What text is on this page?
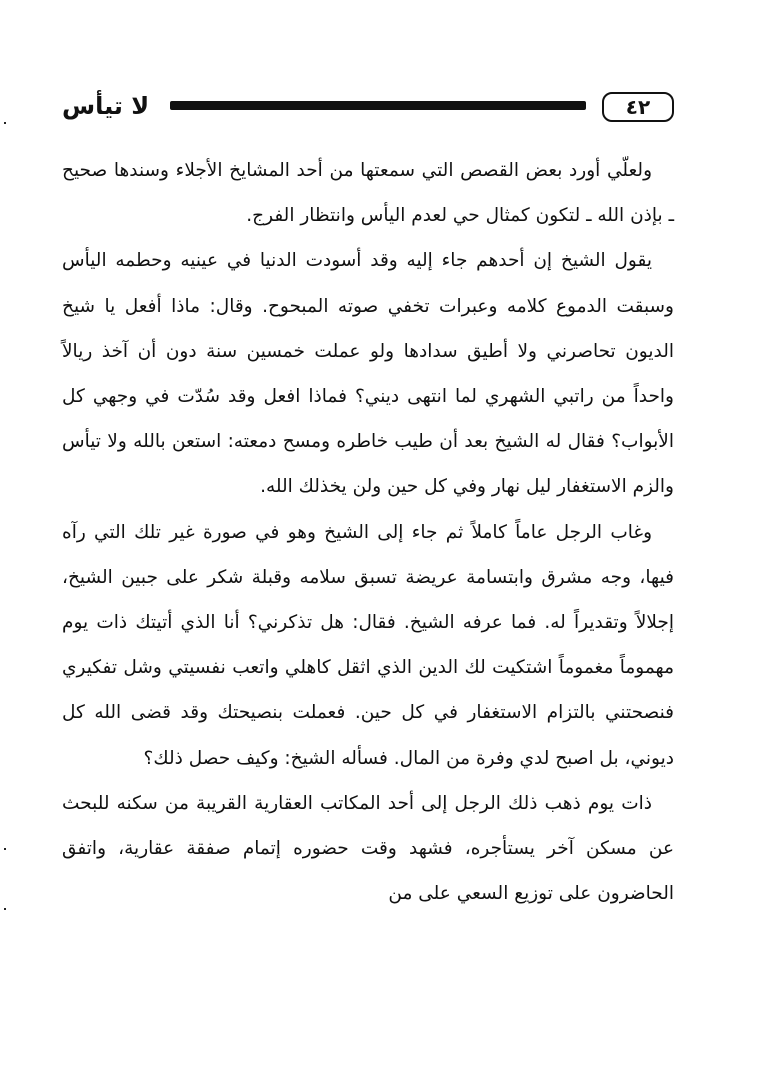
٤٢
لا تيأس

ولعلّي أورد بعض القصص التي سمعتها من أحد المشايخ الأجلاء وسندها صحيح ـ بإذن الله ـ لتكون كمثال حي لعدم اليأس وانتظار الفرج.

يقول الشيخ إن أحدهم جاء إليه وقد أسودت الدنيا في عينيه وحطمه اليأس وسبقت الدموع كلامه وعبرات تخفي صوته المبحوح. وقال: ماذا أفعل يا شيخ الديون تحاصرني ولا أطيق سدادها ولو عملت خمسين سنة دون أن آخذ ريالاً واحداً من راتبي الشهري لما انتهى ديني؟ فماذا افعل وقد سُدّت في وجهي كل الأبواب؟ فقال له الشيخ بعد أن طيب خاطره ومسح دمعته: استعن بالله ولا تيأس والزم الاستغفار ليل نهار وفي كل حين ولن يخذلك الله.

وغاب الرجل عاماً كاملاً ثم جاء إلى الشيخ وهو في صورة غير تلك التي رآه فيها، وجه مشرق وابتسامة عريضة تسبق سلامه وقبلة شكر على جبين الشيخ، إجلالاً وتقديراً له. فما عرفه الشيخ. فقال: هل تذكرني؟ أنا الذي أتيتك ذات يوم مهموماً مغموماً اشتكيت لك الدين الذي اثقل كاهلي واتعب نفسيتي وشل تفكيري فنصحتني بالتزام الاستغفار في كل حين. فعملت بنصيحتك وقد قضى الله كل ديوني، بل اصبح لدي وفرة من المال. فسأله الشيخ: وكيف حصل ذلك؟

ذات يوم ذهب ذلك الرجل إلى أحد المكاتب العقارية القريبة من سكنه للبحث عن مسكن آخر يستأجره، فشهد وقت حضوره إتمام صفقة عقارية، واتفق الحاضرون على توزيع السعي على من
